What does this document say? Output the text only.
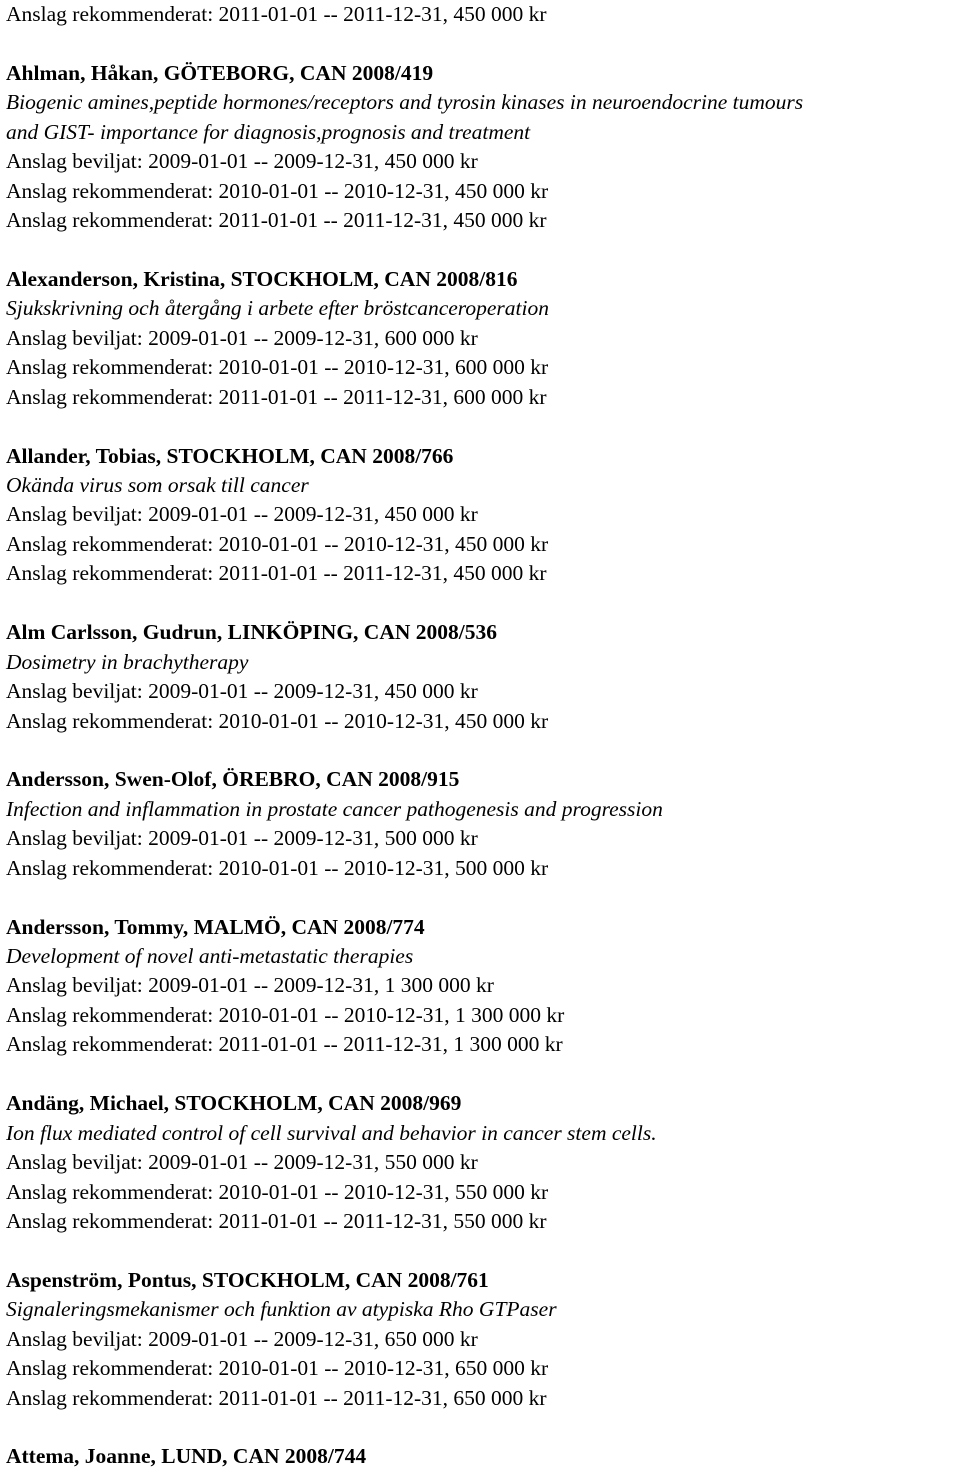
Anslag rekommenderat: 2011-01-01 -- 2011-12-31, 450 000 kr
Ahlman, Håkan, GÖTEBORG, CAN 2008/419
Biogenic amines,peptide hormones/receptors and tyrosin kinases in neuroendocrine tumours
and GIST- importance for diagnosis,prognosis and treatment
Anslag beviljat: 2009-01-01 -- 2009-12-31, 450 000 kr
Anslag rekommenderat: 2010-01-01 -- 2010-12-31, 450 000 kr
Anslag rekommenderat: 2011-01-01 -- 2011-12-31, 450 000 kr
Alexanderson, Kristina, STOCKHOLM, CAN 2008/816
Sjukskrivning och återgång i arbete efter bröstcanceroperation
Anslag beviljat: 2009-01-01 -- 2009-12-31, 600 000 kr
Anslag rekommenderat: 2010-01-01 -- 2010-12-31, 600 000 kr
Anslag rekommenderat: 2011-01-01 -- 2011-12-31, 600 000 kr
Allander, Tobias, STOCKHOLM, CAN 2008/766
Okända virus som orsak till cancer
Anslag beviljat: 2009-01-01 -- 2009-12-31, 450 000 kr
Anslag rekommenderat: 2010-01-01 -- 2010-12-31, 450 000 kr
Anslag rekommenderat: 2011-01-01 -- 2011-12-31, 450 000 kr
Alm Carlsson, Gudrun, LINKÖPING, CAN 2008/536
Dosimetry in brachytherapy
Anslag beviljat: 2009-01-01 -- 2009-12-31, 450 000 kr
Anslag rekommenderat: 2010-01-01 -- 2010-12-31, 450 000 kr
Andersson, Swen-Olof, ÖREBRO, CAN 2008/915
Infection and inflammation in prostate cancer pathogenesis and progression
Anslag beviljat: 2009-01-01 -- 2009-12-31, 500 000 kr
Anslag rekommenderat: 2010-01-01 -- 2010-12-31, 500 000 kr
Andersson, Tommy, MALMÖ, CAN 2008/774
Development of novel anti-metastatic therapies
Anslag beviljat: 2009-01-01 -- 2009-12-31, 1 300 000 kr
Anslag rekommenderat: 2010-01-01 -- 2010-12-31, 1 300 000 kr
Anslag rekommenderat: 2011-01-01 -- 2011-12-31, 1 300 000 kr
Andäng, Michael, STOCKHOLM, CAN 2008/969
Ion flux mediated control of cell survival and behavior in cancer stem cells.
Anslag beviljat: 2009-01-01 -- 2009-12-31, 550 000 kr
Anslag rekommenderat: 2010-01-01 -- 2010-12-31, 550 000 kr
Anslag rekommenderat: 2011-01-01 -- 2011-12-31, 550 000 kr
Aspenström, Pontus, STOCKHOLM, CAN 2008/761
Signaleringsmekanismer och funktion av atypiska Rho GTPaser
Anslag beviljat: 2009-01-01 -- 2009-12-31, 650 000 kr
Anslag rekommenderat: 2010-01-01 -- 2010-12-31, 650 000 kr
Anslag rekommenderat: 2011-01-01 -- 2011-12-31, 650 000 kr
Attema, Joanne, LUND, CAN 2008/744
